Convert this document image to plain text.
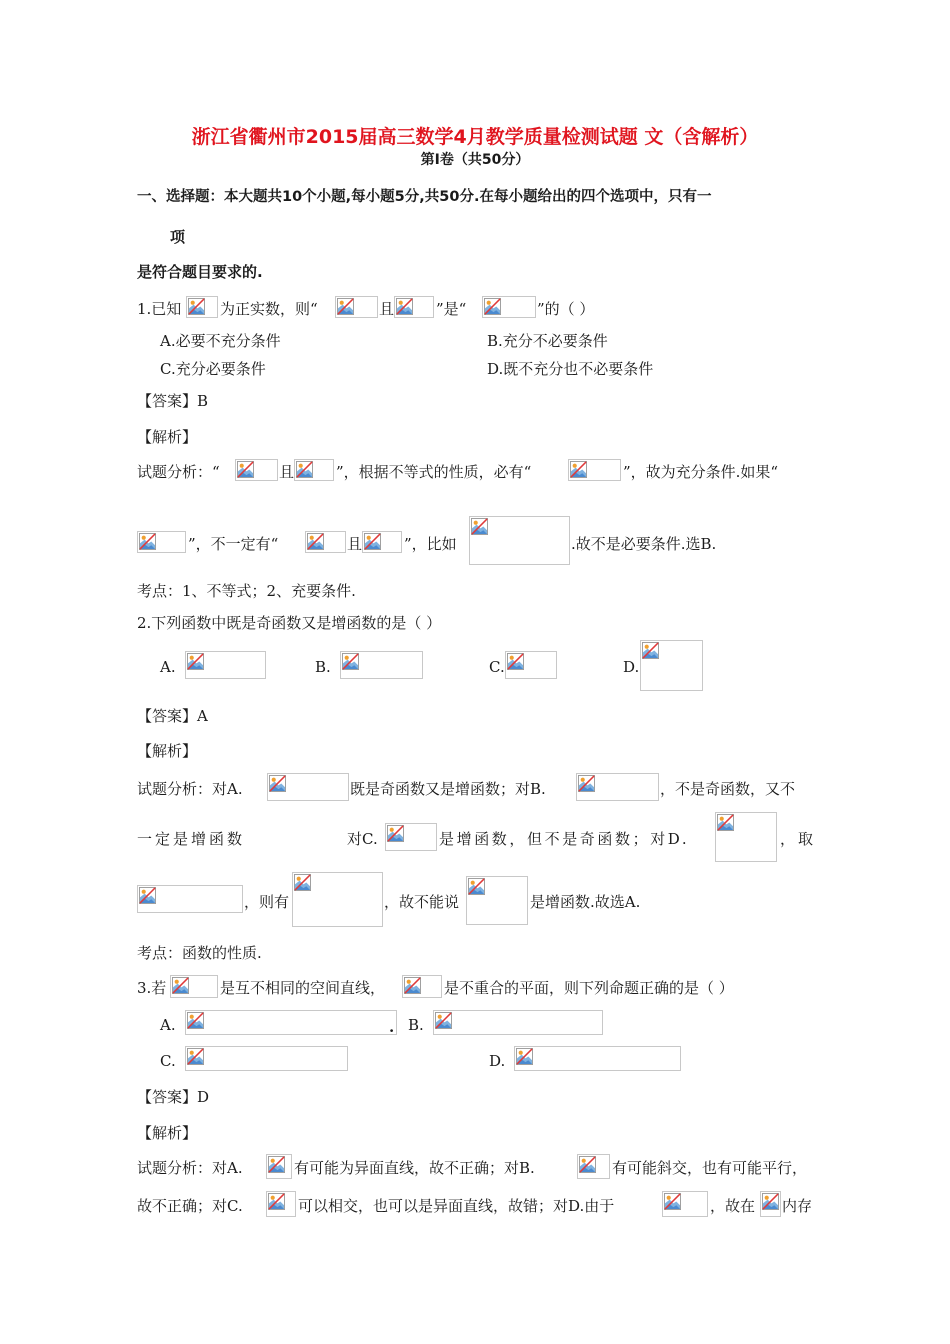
浙江省衢州市2015届高三数学4月教学质量检测试题 文（含解析）
第Ⅰ卷（共50分）
一、选择题：本大题共10个小题,每小题5分,共50分.在每小题给出的四个选项中，只有一
项
是符合题目要求的.
1.已知	为正实数，则“	且	”是“	”的（ ）
A.必要不充分条件	B.充分不必要条件
C.充分必要条件	D.既不充分也不必要条件
【答案】B
【解析】
试题分析：“	且	”，根据不等式的性质，必有“	”，故为充分条件.如果“
”，不一定有“	且	”，比如	.故不是必要条件.选B.
考点：1、不等式；2、充要条件.
2.下列函数中既是奇函数又是增函数的是（ ）
A.	B.	C.	D.
【答案】A
【解析】
试题分析：对A.	既是奇函数又是增函数；对B.	，不是奇函数，又不
一定是增函数	对C.	是增函数，但不是奇函数；对D.	，取
，则有	，故不能说	是增函数.故选A.
考点：函数的性质.
3.若	是互不相同的空间直线，	是不重合的平面，则下列命题正确的是（ ）
A.	. B.
C.	D.
【答案】D
【解析】
试题分析：对A.	有可能为异面直线，故不正确；对B.	有可能斜交，也有可能平行，
故不正确；对C.	可以相交，也可以是异面直线，故错；对D.由于	，故在 内存
